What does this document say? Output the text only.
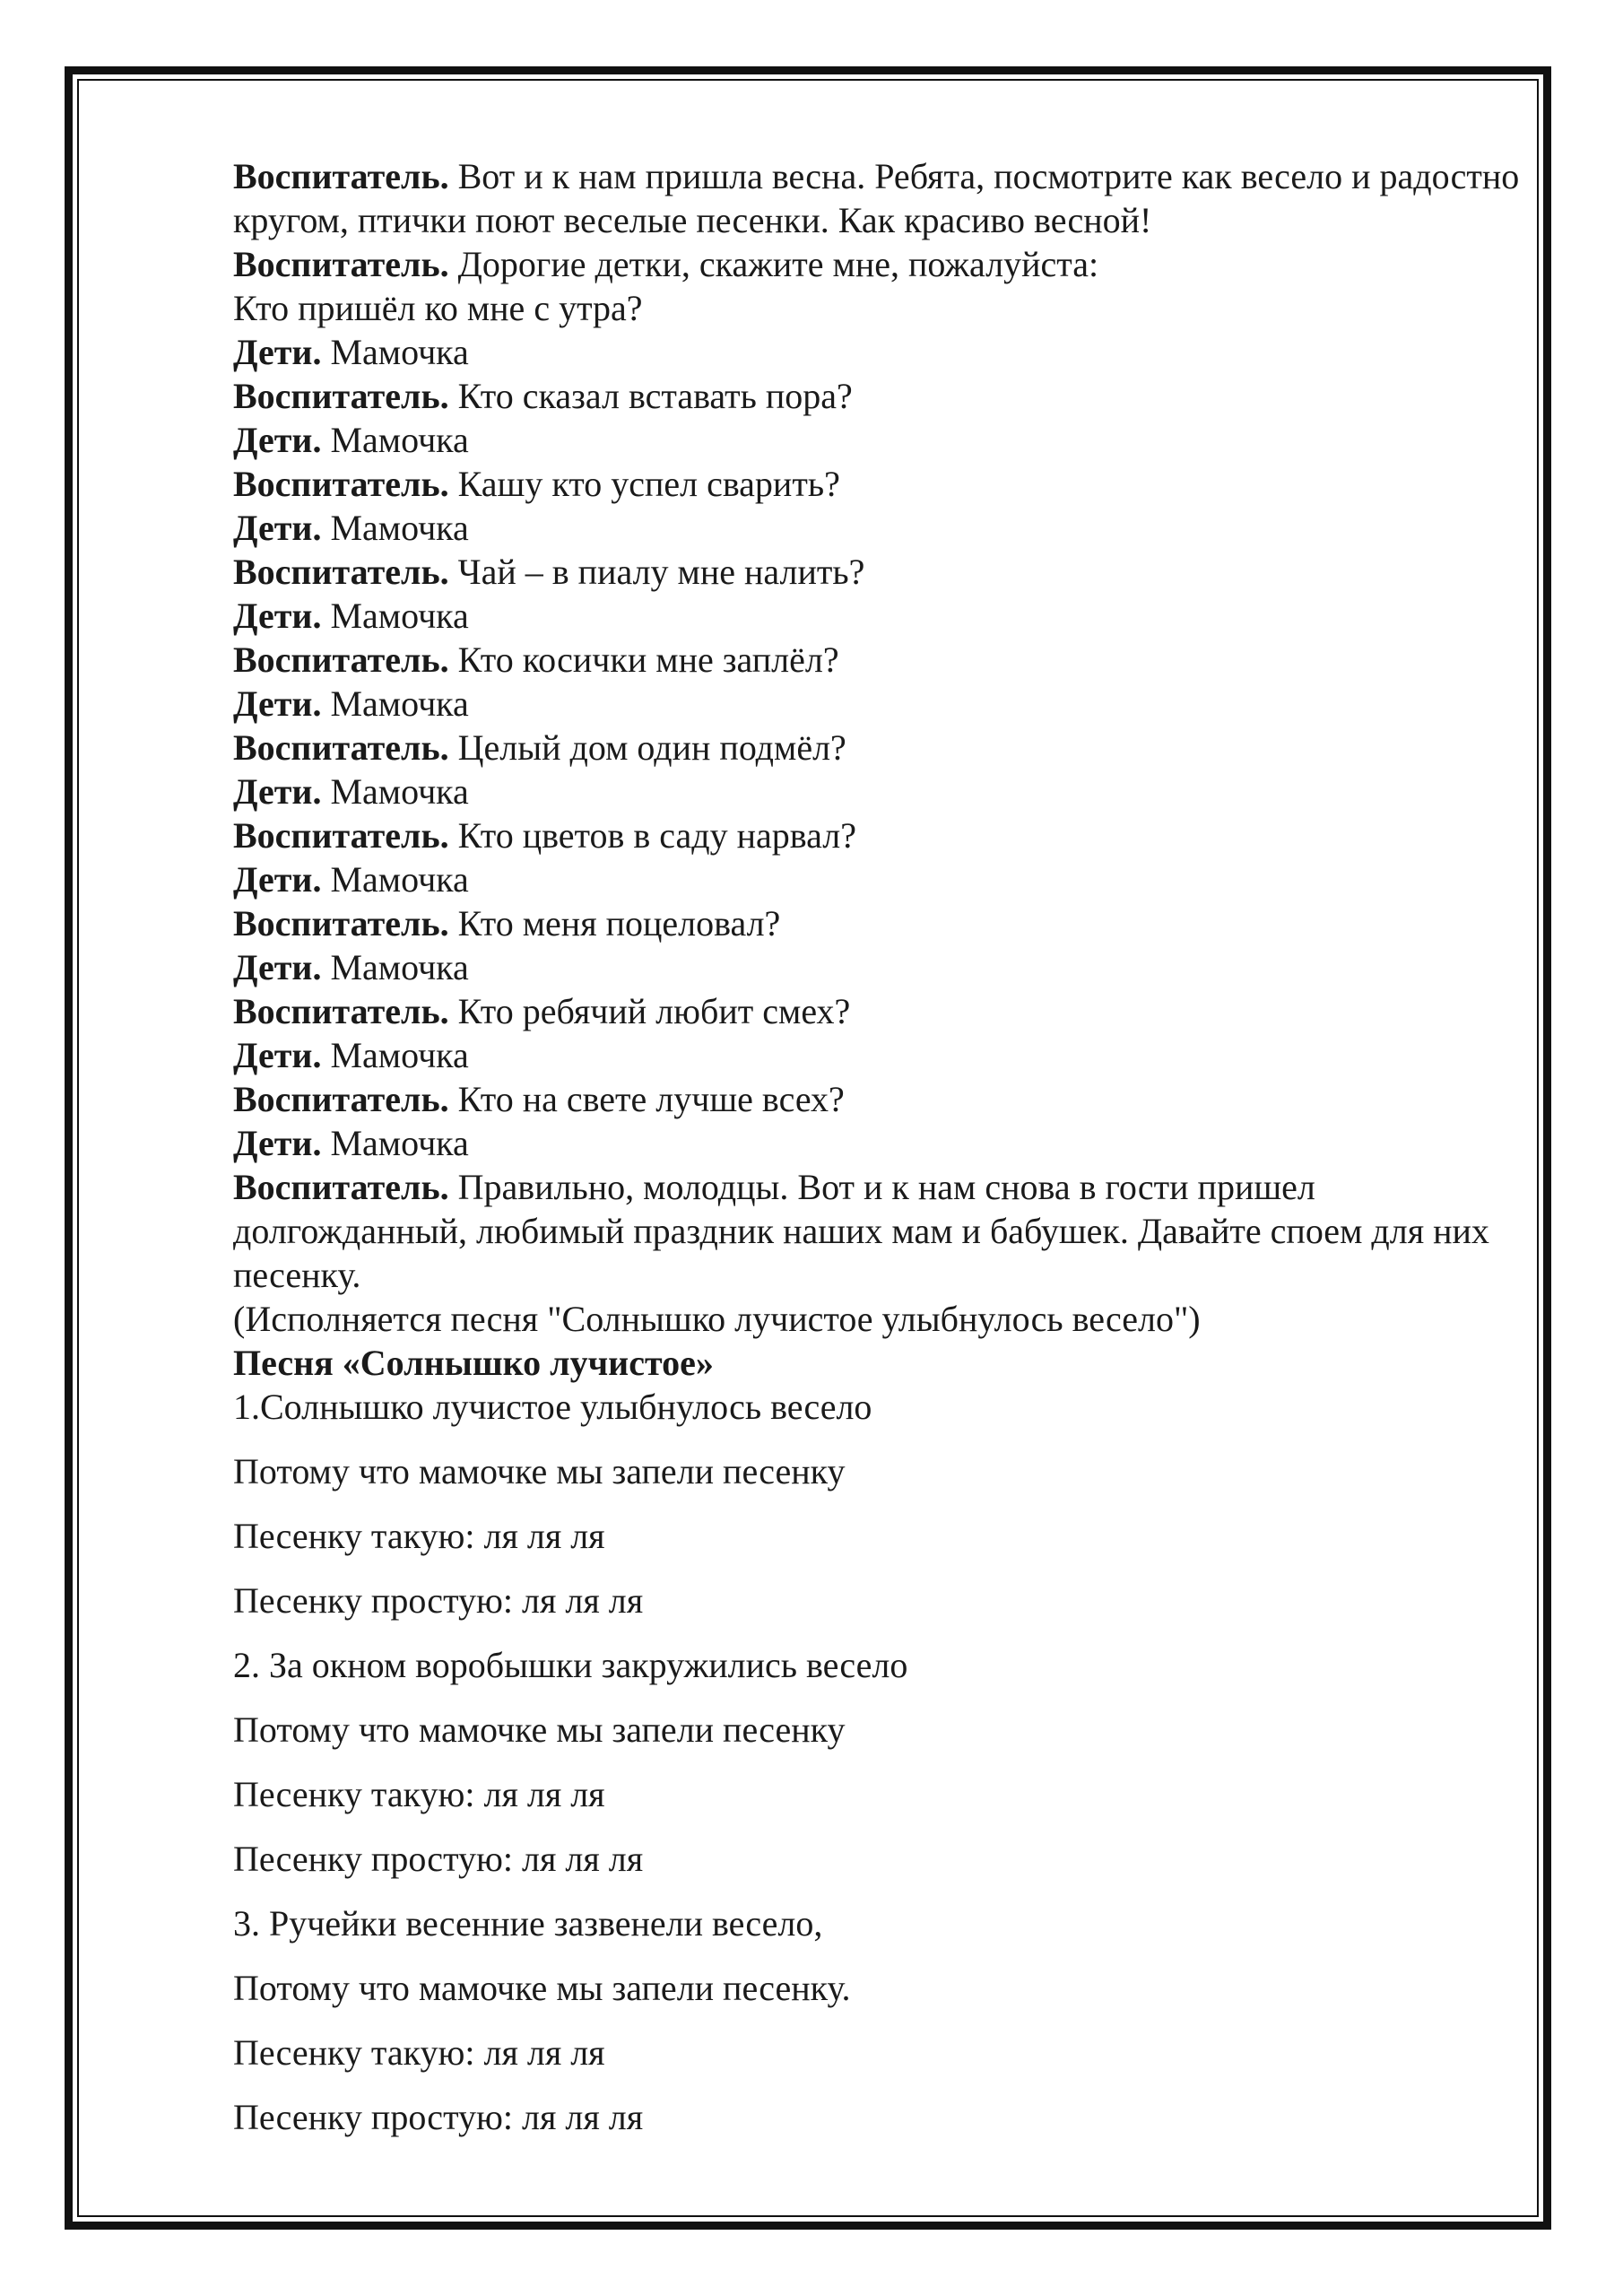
Воспитатель. Вот и к нам пришла весна. Ребята, посмотрите как весело и радостно кругом, птички поют веселые песенки. Как красиво весной!

Воспитатель. Дорогие детки, скажите мне, пожалуйста:

Кто пришёл ко мне с утра?

Дети. Мамочка

Воспитатель. Кто сказал вставать пора?

Дети. Мамочка

Воспитатель. Кашу кто успел сварить?

Дети. Мамочка

Воспитатель. Чай – в пиалу мне налить?

Дети. Мамочка

Воспитатель. Кто косички мне заплёл?

Дети. Мамочка

Воспитатель. Целый дом один подмёл?

Дети. Мамочка

Воспитатель. Кто цветов в саду нарвал?

Дети. Мамочка

Воспитатель. Кто меня поцеловал?

Дети. Мамочка

Воспитатель. Кто ребячий любит смех?

Дети. Мамочка

Воспитатель. Кто на свете лучше всех?

Дети. Мамочка

Воспитатель. Правильно, молодцы. Вот и к нам снова в гости пришел долгожданный, любимый праздник наших мам и бабушек. Давайте споем для них песенку.

(Исполняется песня "Солнышко лучистое улыбнулось весело")

Песня «Солнышко лучистое»

1.Солнышко лучистое улыбнулось весело

Потому что мамочке мы запели песенку

Песенку такую: ля ля ля

Песенку простую: ля ля ля

2. За окном воробышки закружились весело

Потому что мамочке мы запели песенку

Песенку такую: ля ля ля

Песенку простую: ля ля ля

3. Ручейки весенние зазвенели весело,

Потому что мамочке мы запели песенку.

Песенку такую: ля ля ля

Песенку простую: ля ля ля
